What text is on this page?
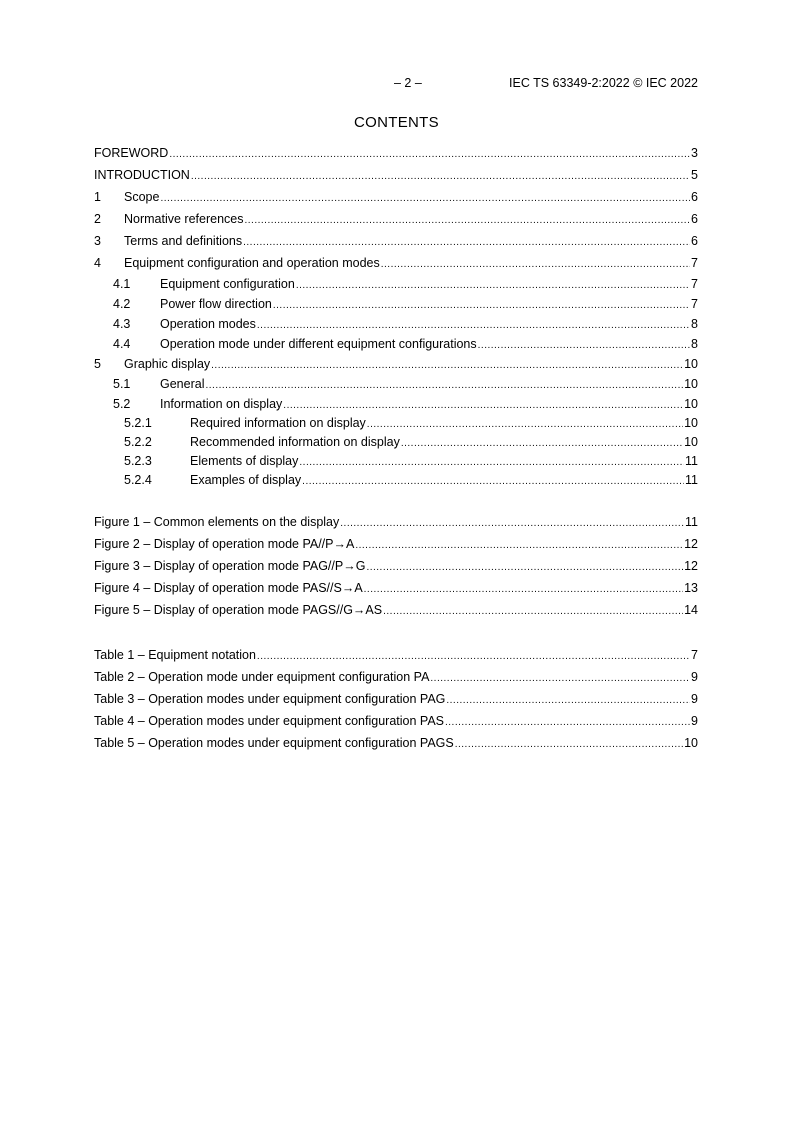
– 2 –	IEC TS 63349-2:2022 © IEC 2022
CONTENTS
FOREWORD .....	3
INTRODUCTION .....	5
1	Scope .....	6
2	Normative references .....	6
3	Terms and definitions .....	6
4	Equipment configuration and operation modes .....	7
4.1	Equipment configuration .....	7
4.2	Power flow direction .....	7
4.3	Operation modes .....	8
4.4	Operation mode under different equipment configurations .....	8
5	Graphic display .....	10
5.1	General .....	10
5.2	Information on display .....	10
5.2.1	Required information on display .....	10
5.2.2	Recommended information on display .....	10
5.2.3	Elements of display .....	11
5.2.4	Examples of display .....	11
Figure 1 – Common elements on the display .....	11
Figure 2 – Display of operation mode PA//P→A .....	12
Figure 3 – Display of operation mode PAG//P→G .....	12
Figure 4 – Display of operation mode PAS//S→A .....	13
Figure 5 – Display of operation mode PAGS//G→AS .....	14
Table 1 – Equipment notation .....	7
Table 2 – Operation mode under equipment configuration PA .....	9
Table 3 – Operation modes under equipment configuration PAG .....	9
Table 4 – Operation modes under equipment configuration PAS .....	9
Table 5 – Operation modes under equipment configuration PAGS .....	10
